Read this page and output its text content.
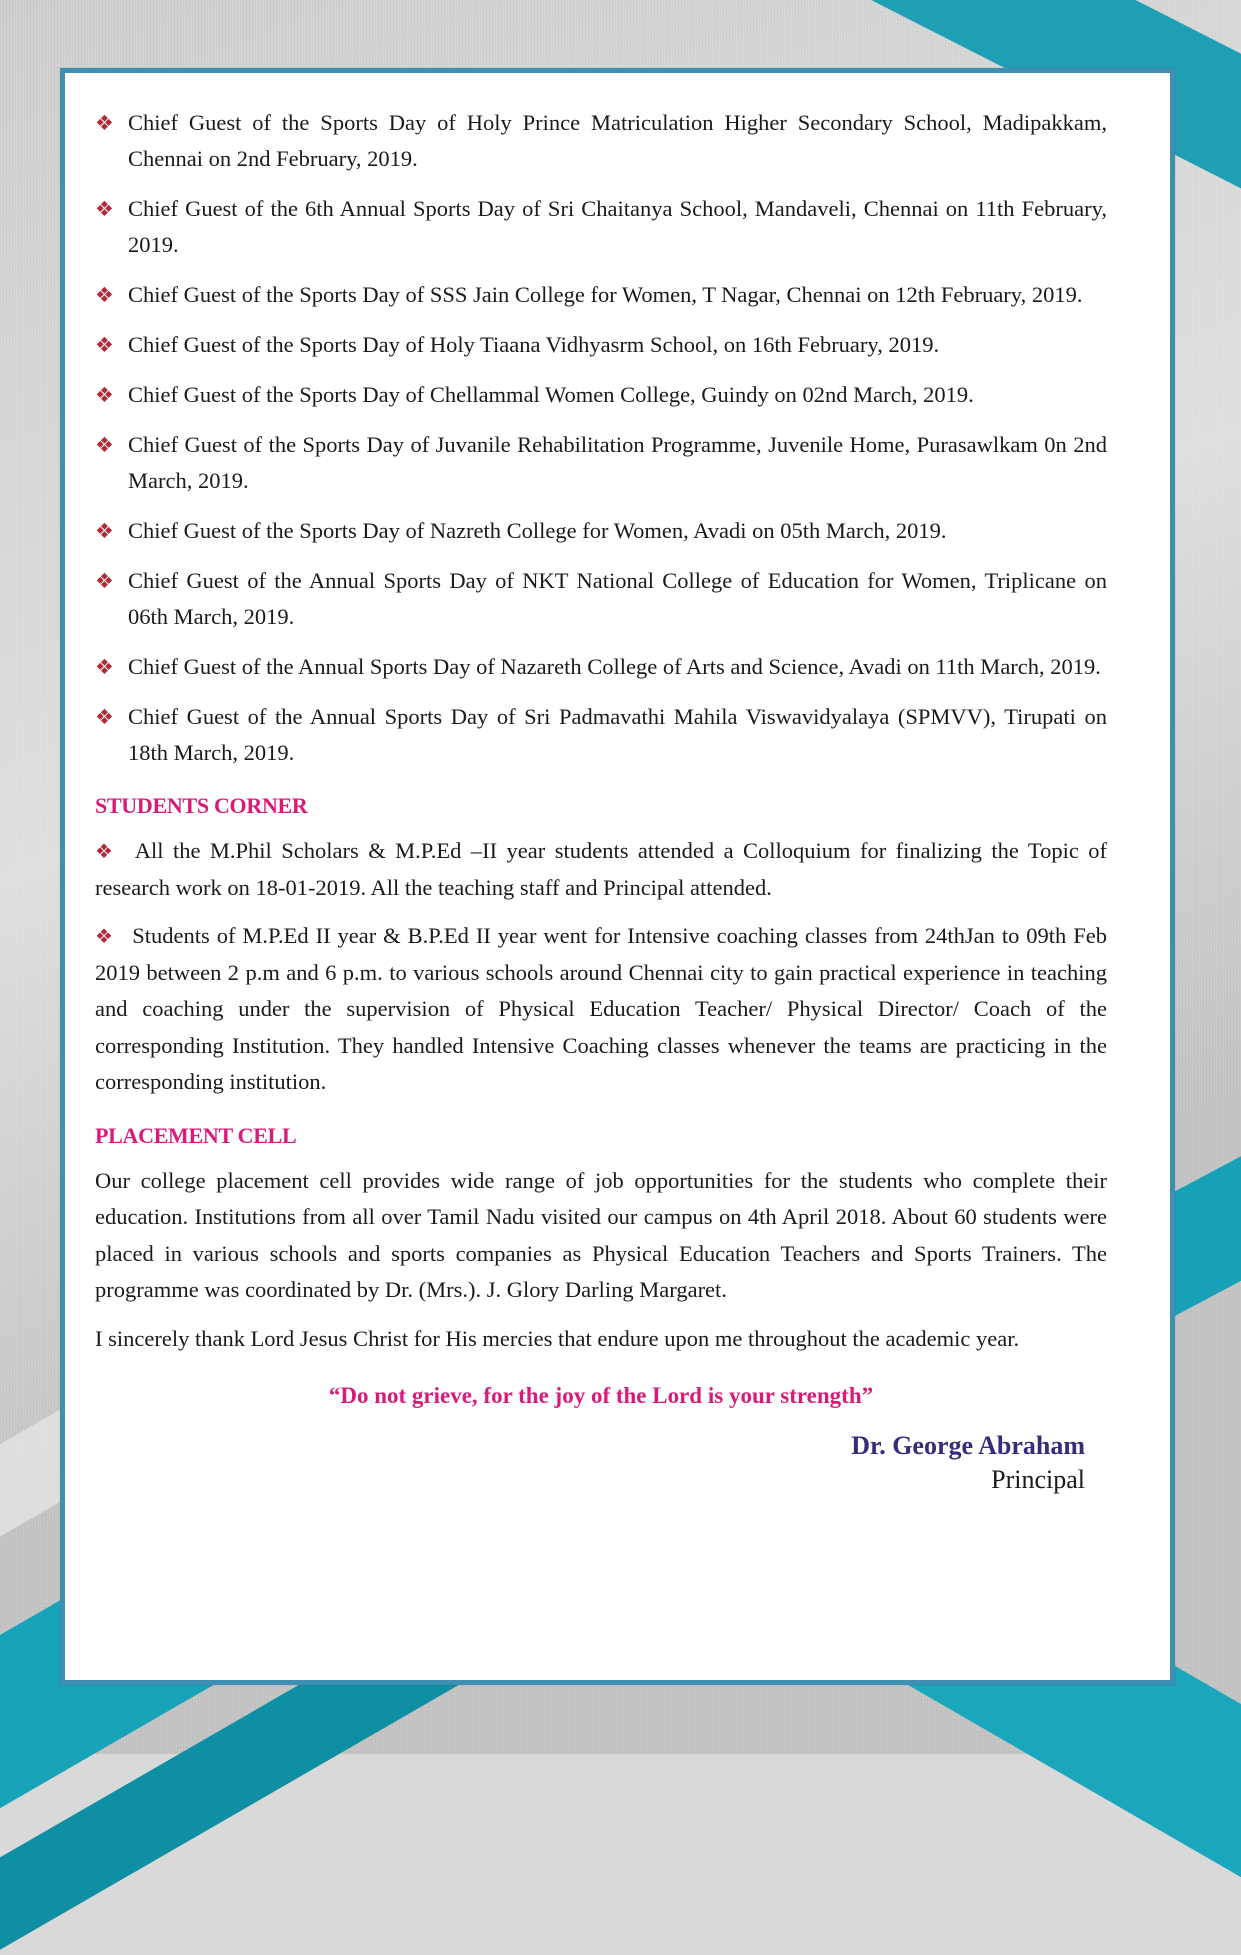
❖ Chief Guest of the Sports Day of Holy Prince Matriculation Higher Secondary School, Madipakkam, Chennai on 2nd February, 2019.
❖ Chief Guest of the 6th Annual Sports Day of Sri Chaitanya School, Mandaveli, Chennai on 11th February, 2019.
❖ Chief Guest of the Sports Day of SSS Jain College for Women, T Nagar, Chennai on 12th February, 2019.
❖ Chief Guest of the Sports Day of Holy Tiaana Vidhyasrm School, on 16th February, 2019.
❖ Chief Guest of the Sports Day of Chellammal Women College, Guindy on 02nd March, 2019.
❖ Chief Guest of the Sports Day of Juvanile Rehabilitation Programme, Juvenile Home, Purasawlkam 0n 2nd March, 2019.
❖ Chief Guest of the Sports Day of Nazreth College for Women, Avadi on 05th March, 2019.
❖ Chief Guest of the Annual Sports Day of NKT National College of Education for Women, Triplicane on 06th March, 2019.
❖ Chief Guest of the Annual Sports Day of Nazareth College of Arts and Science, Avadi on 11th March, 2019.
❖ Chief Guest of the Annual Sports Day of Sri Padmavathi Mahila Viswavidyalaya (SPMVV), Tirupati on 18th March, 2019.
STUDENTS CORNER

❖ All the M.Phil Scholars & M.P.Ed –II year students attended a Colloquium for finalizing the Topic of research work on 18-01-2019. All the teaching staff and Principal attended.

❖ Students of M.P.Ed II year & B.P.Ed II year went for Intensive coaching classes from 24thJan to 09th Feb 2019 between 2 p.m and 6 p.m. to various schools around Chennai city to gain practical experience in teaching and coaching under the supervision of Physical Education Teacher/ Physical Director/ Coach of the corresponding Institution. They handled Intensive Coaching classes whenever the teams are practicing in the corresponding institution.

PLACEMENT CELL

Our college placement cell provides wide range of job opportunities for the students who complete their education. Institutions from all over Tamil Nadu visited our campus on 4th April 2018. About 60 students were placed in various schools and sports companies as Physical Education Teachers and Sports Trainers. The programme was coordinated by Dr. (Mrs.). J. Glory Darling Margaret.

I sincerely thank Lord Jesus Christ for His mercies that endure upon me throughout the academic year.

“Do not grieve, for the joy of the Lord is your strength”
Dr. George Abraham
Principal
